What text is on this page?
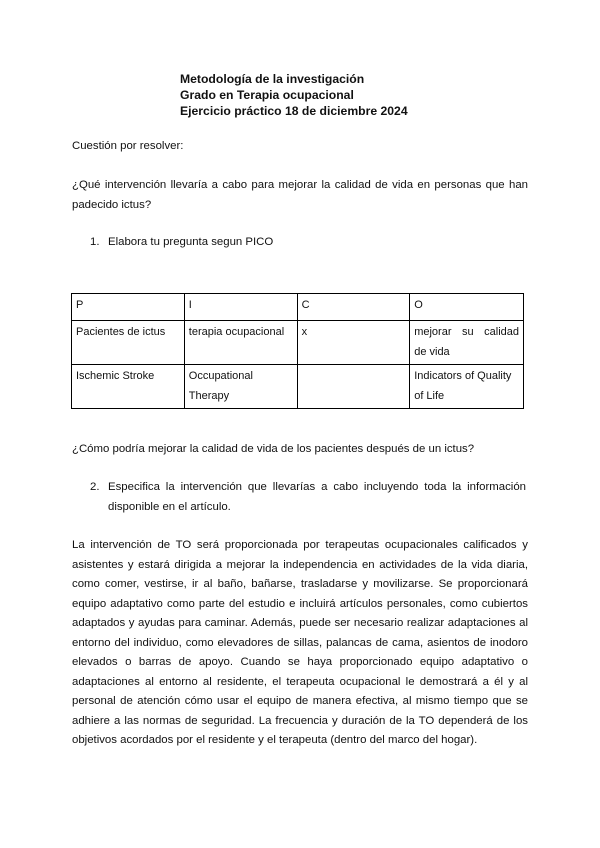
Metodología de la investigación
Grado en Terapia ocupacional
Ejercicio práctico 18 de diciembre 2024
Cuestión por resolver:
¿Qué intervención llevaría a cabo para mejorar la calidad de vida en personas que han padecido ictus?
1. Elabora tu pregunta segun PICO
P	I	C	O
Pacientes de ictus	terapia ocupacional	x	mejorar su calidad de vida
Ischemic Stroke	Occupational Therapy		Indicators of Quality of Life
¿Cómo podría mejorar la calidad de vida de los pacientes después de un ictus?
2. Especifica la intervención que llevarías a cabo incluyendo toda la información disponible en el artículo.
La intervención de TO será proporcionada por terapeutas ocupacionales calificados y asistentes y estará dirigida a mejorar la independencia en actividades de la vida diaria, como comer, vestirse, ir al baño, bañarse, trasladarse y movilizarse. Se proporcionará equipo adaptativo como parte del estudio e incluirá artículos personales, como cubiertos adaptados y ayudas para caminar. Además, puede ser necesario realizar adaptaciones al entorno del individuo, como elevadores de sillas, palancas de cama, asientos de inodoro elevados o barras de apoyo. Cuando se haya proporcionado equipo adaptativo o adaptaciones al entorno al residente, el terapeuta ocupacional le demostrará a él y al personal de atención cómo usar el equipo de manera efectiva, al mismo tiempo que se adhiere a las normas de seguridad. La frecuencia y duración de la TO dependerá de los objetivos acordados por el residente y el terapeuta (dentro del marco del hogar).
